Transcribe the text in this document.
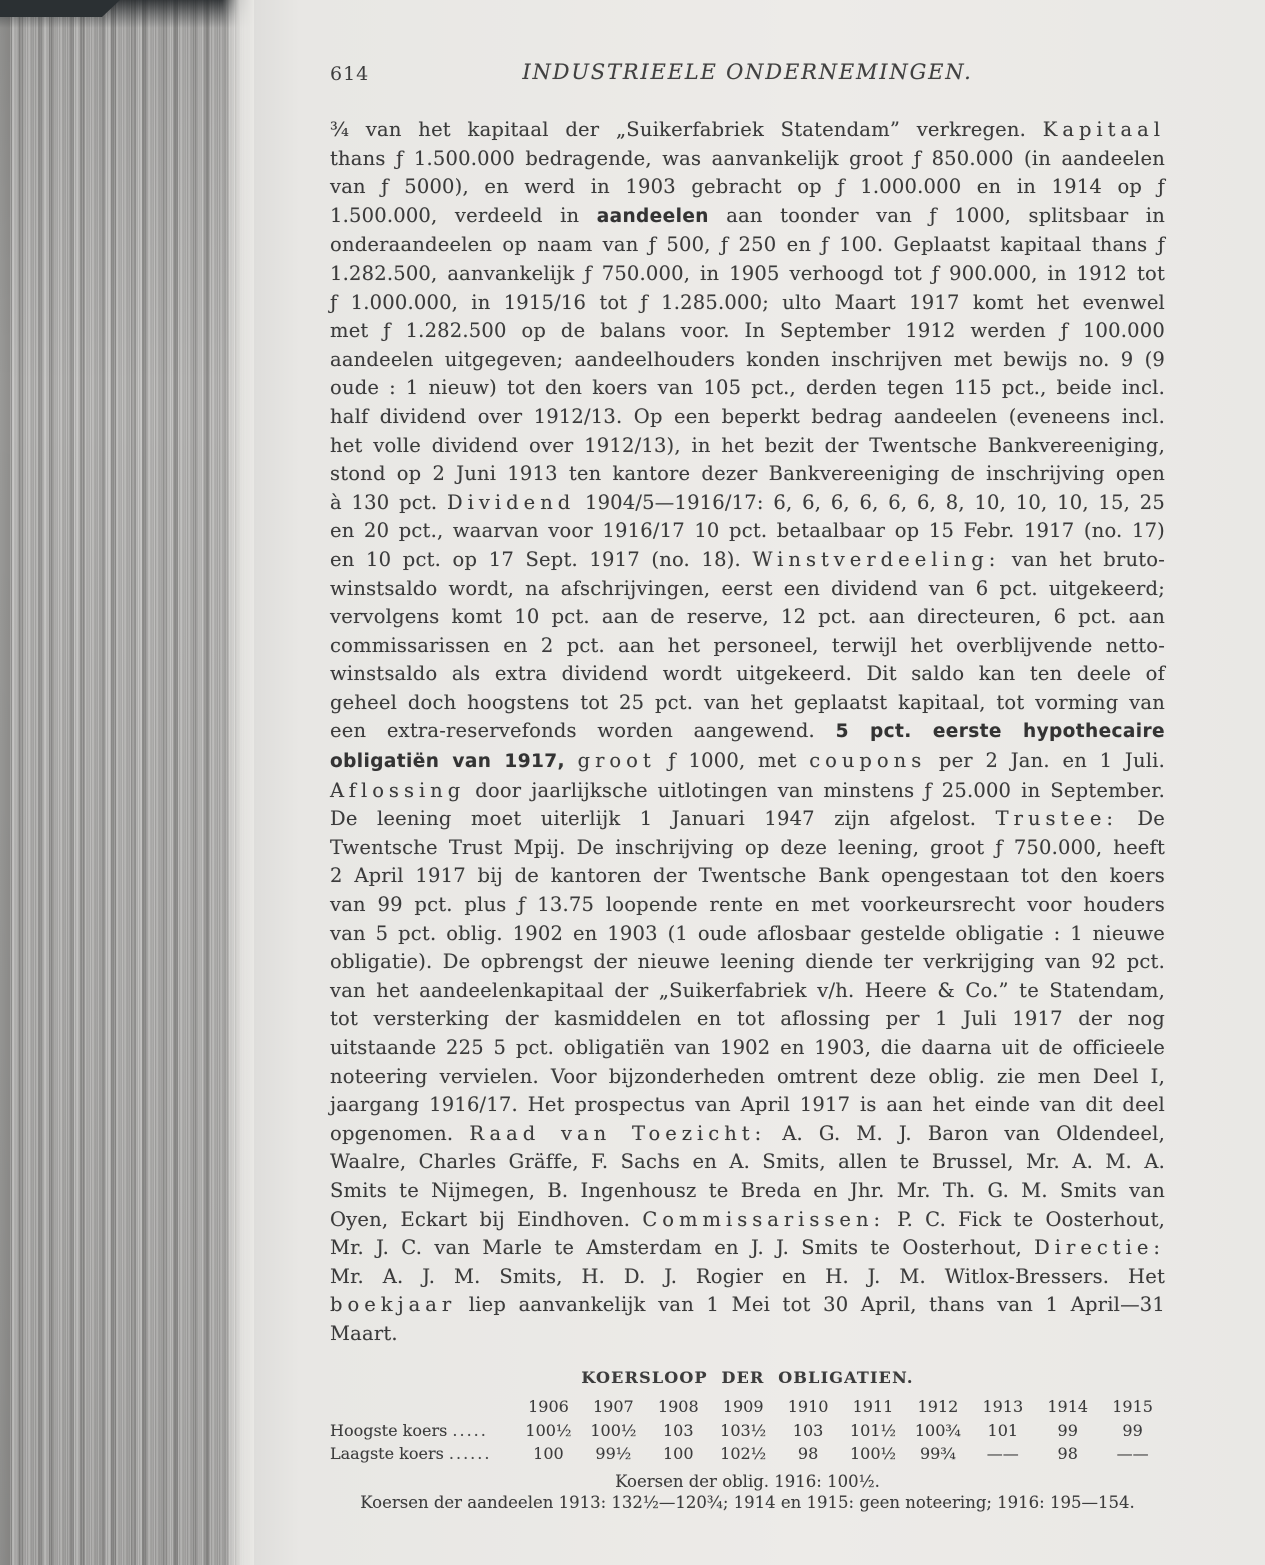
614	INDUSTRIEELE ONDERNEMINGEN.

¾ van het kapitaal der „Suikerfabriek Statendam” verkregen. Kapitaal thans ƒ 1.500.000 bedragende, was aanvankelijk groot ƒ 850.000 (in aandeelen van ƒ 5000), en werd in 1903 gebracht op ƒ 1.000.000 en in 1914 op ƒ 1.500.000, verdeeld in aandeelen aan toonder van ƒ 1000, splitsbaar in onderaandeelen op naam van ƒ 500, ƒ 250 en ƒ 100. Geplaatst kapitaal thans ƒ 1.282.500, aanvankelijk ƒ 750.000, in 1905 verhoogd tot ƒ 900.000, in 1912 tot ƒ 1.000.000, in 1915/16 tot ƒ 1.285.000; ulto Maart 1917 komt het evenwel met ƒ 1.282.500 op de balans voor. In September 1912 werden ƒ 100.000 aandeelen uitgegeven; aandeelhouders konden inschrijven met bewijs no. 9 (9 oude : 1 nieuw) tot den koers van 105 pct., derden tegen 115 pct., beide incl. half dividend over 1912/13. Op een beperkt bedrag aandeelen (eveneens incl. het volle dividend over 1912/13), in het bezit der Twentsche Bankvereeniging, stond op 2 Juni 1913 ten kantore dezer Bankvereeniging de inschrijving open à 130 pct. Dividend 1904/5—1916/17: 6, 6, 6, 6, 6, 6, 8, 10, 10, 10, 15, 25 en 20 pct., waarvan voor 1916/17 10 pct. betaalbaar op 15 Febr. 1917 (no. 17) en 10 pct. op 17 Sept. 1917 (no. 18). Winstverdeeling: van het bruto-winstsaldo wordt, na afschrijvingen, eerst een dividend van 6 pct. uitgekeerd; vervolgens komt 10 pct. aan de reserve, 12 pct. aan directeuren, 6 pct. aan commissarissen en 2 pct. aan het personeel, terwijl het overblijvende netto-winstsaldo als extra dividend wordt uitgekeerd. Dit saldo kan ten deele of geheel doch hoogstens tot 25 pct. van het geplaatst kapitaal, tot vorming van een extra-reservefonds worden aangewend. 5 pct. eerste hypothecaire obligatiën van 1917, groot ƒ 1000, met coupons per 2 Jan. en 1 Juli. Aflossing door jaarlijksche uitlotingen van minstens ƒ 25.000 in September. De leening moet uiterlijk 1 Januari 1947 zijn afgelost. Trustee: De Twentsche Trust Mpij. De inschrijving op deze leening, groot ƒ 750.000, heeft 2 April 1917 bij de kantoren der Twentsche Bank opengestaan tot den koers van 99 pct. plus ƒ 13.75 loopende rente en met voorkeursrecht voor houders van 5 pct. oblig. 1902 en 1903 (1 oude aflosbaar gestelde obligatie : 1 nieuwe obligatie). De opbrengst der nieuwe leening diende ter verkrijging van 92 pct. van het aandeelenkapitaal der „Suikerfabriek v/h. Heere & Co.” te Statendam, tot versterking der kasmiddelen en tot aflossing per 1 Juli 1917 der nog uitstaande 225 5 pct. obligatiën van 1902 en 1903, die daarna uit de officieele noteering vervielen. Voor bijzonderheden omtrent deze oblig. zie men Deel I, jaargang 1916/17. Het prospectus van April 1917 is aan het einde van dit deel opgenomen. Raad van Toezicht: A. G. M. J. Baron van Oldendeel, Waalre, Charles Gräffe, F. Sachs en A. Smits, allen te Brussel, Mr. A. M. A. Smits te Nijmegen, B. Ingenhousz te Breda en Jhr. Mr. Th. G. M. Smits van Oyen, Eckart bij Eindhoven. Commissarissen: P. C. Fick te Oosterhout, Mr. J. C. van Marle te Amsterdam en J. J. Smits te Oosterhout, Directie: Mr. A. J. M. Smits, H. D. J. Rogier en H. J. M. Witlox-Bressers. Het boekjaar liep aanvankelijk van 1 Mei tot 30 April, thans van 1 April—31 Maart.

KOERSLOOP DER OBLIGATIEN.
1906	1907	1908	1909	1910	1911	1912	1913	1914	1915
Hoogste koers .....	100½	100½	103	103½	103	101½	100¾	101	99	99
Laagste koers ......	100	99½	100	102½	98	100½	99¾	——	98	——
Koersen der oblig. 1916: 100½.
Koersen der aandeelen 1913: 132½—120¾; 1914 en 1915: geen noteering; 1916: 195—154.
